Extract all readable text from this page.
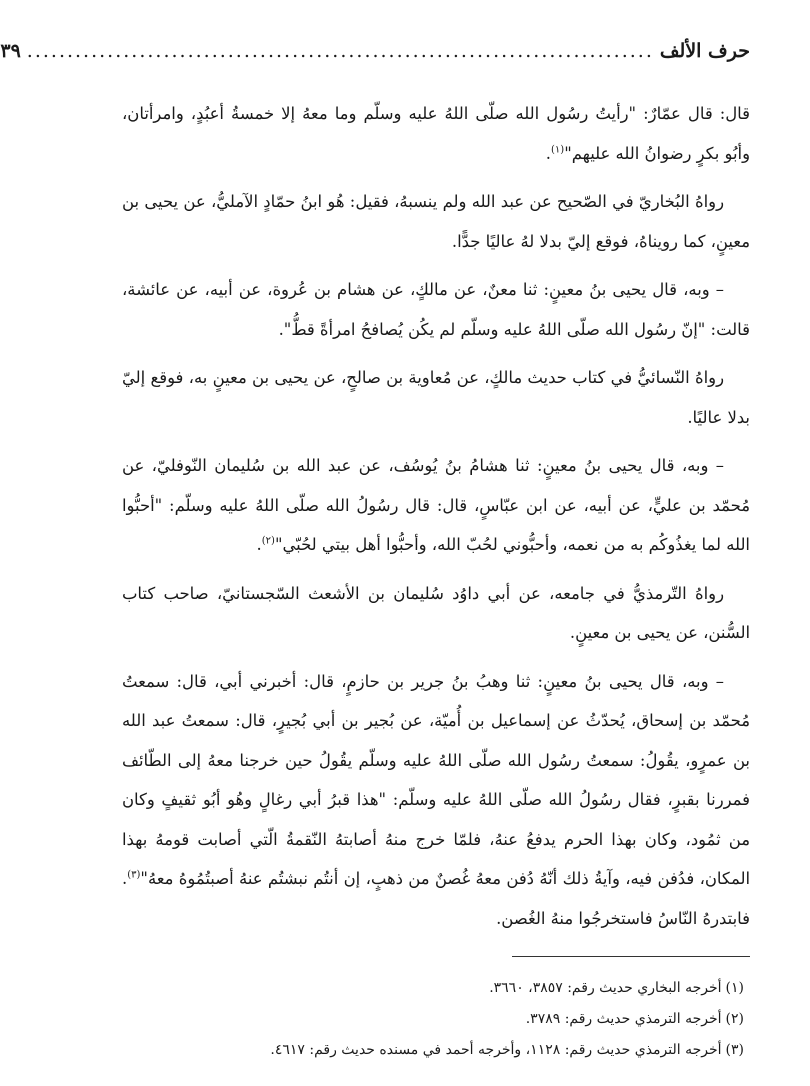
حرف الألف
..............................................................................
٣٩

قال: قال عمّارٌ: "رأيتُ رسُول الله صلّى اللهُ عليه وسلّم وما معهُ إلا خمسةُ أعبُدٍ، وامرأتان، وأبُو بكرٍ رضوانُ الله عليهم"$^{(١)}$.

رواهُ البُخاريّ في الصّحيح عن عبد الله ولم ينسبهُ، فقيل: هُو ابنُ حمّادٍ الآمليُّ، عن يحيى بن معينٍ، كما رويناهُ، فوقع إليّ بدلا لهُ عاليًا جدًّا.

– وبه، قال يحيى بنُ معينٍ: ثنا معنٌ، عن مالكٍ، عن هشام بن عُروة، عن أبيه، عن عائشة، قالت: "إنّ رسُول الله صلّى اللهُ عليه وسلّم لم يكُن يُصافحُ امرأةً قطُّ".

رواهُ النّسائيُّ في كتاب حديث مالكٍ، عن مُعاوية بن صالحٍ، عن يحيى بن معينٍ به، فوقع إليّ بدلا عاليًا.

– وبه، قال يحيى بنُ معينٍ: ثنا هشامُ بنُ يُوسُف، عن عبد الله بن سُليمان النّوفليّ، عن مُحمّد بن عليٍّ، عن أبيه، عن ابن عبّاسٍ، قال: قال رسُولُ الله صلّى اللهُ عليه وسلّم: "أحبُّوا الله لما يغذُوكُم به من نعمه، وأحبُّوني لحُبّ الله، وأحبُّوا أهل بيتي لحُبّي"$^{(٢)}$.

رواهُ التّرمذيُّ في جامعه، عن أبي داوُد سُليمان بن الأشعث السّجستانيّ، صاحب كتاب السُّنن، عن يحيى بن معينٍ.

– وبه، قال يحيى بنُ معينٍ: ثنا وهبُ بنُ جرير بن حازمٍ، قال: أخبرني أبي، قال: سمعتُ مُحمّد بن إسحاق، يُحدّثُ عن إسماعيل بن أُميّة، عن بُجير بن أبي بُجيرٍ، قال: سمعتُ عبد الله بن عمرٍو، يقُولُ: سمعتُ رسُول الله صلّى اللهُ عليه وسلّم يقُولُ حين خرجنا معهُ إلى الطّائف فمررنا بقبرٍ، فقال رسُولُ الله صلّى اللهُ عليه وسلّم: "هذا قبرُ أبي رغالٍ وهُو أبُو ثقيفٍ وكان من ثمُود، وكان بهذا الحرم يدفعُ عنهُ، فلمّا خرج منهُ أصابتهُ النّقمةُ الّتي أصابت قومهُ بهذا المكان، فدُفن فيه، وآيةُ ذلك أنّهُ دُفن معهُ غُصنٌ من ذهبٍ، إن أنتُم نبشتُم عنهُ أصبتُمُوهُ معهُ"$^{(٣)}$. فابتدرهُ النّاسُ فاستخرجُوا منهُ الغُصن.

(١)أخرجه البخاري حديث رقم: ٣٨٥٧، ٣٦٦٠.

(٢)أخرجه الترمذي حديث رقم: ٣٧٨٩.

(٣)أخرجه الترمذي حديث رقم: ١١٢٨، وأخرجه أحمد في مسنده حديث رقم: ٤٦١٧.
